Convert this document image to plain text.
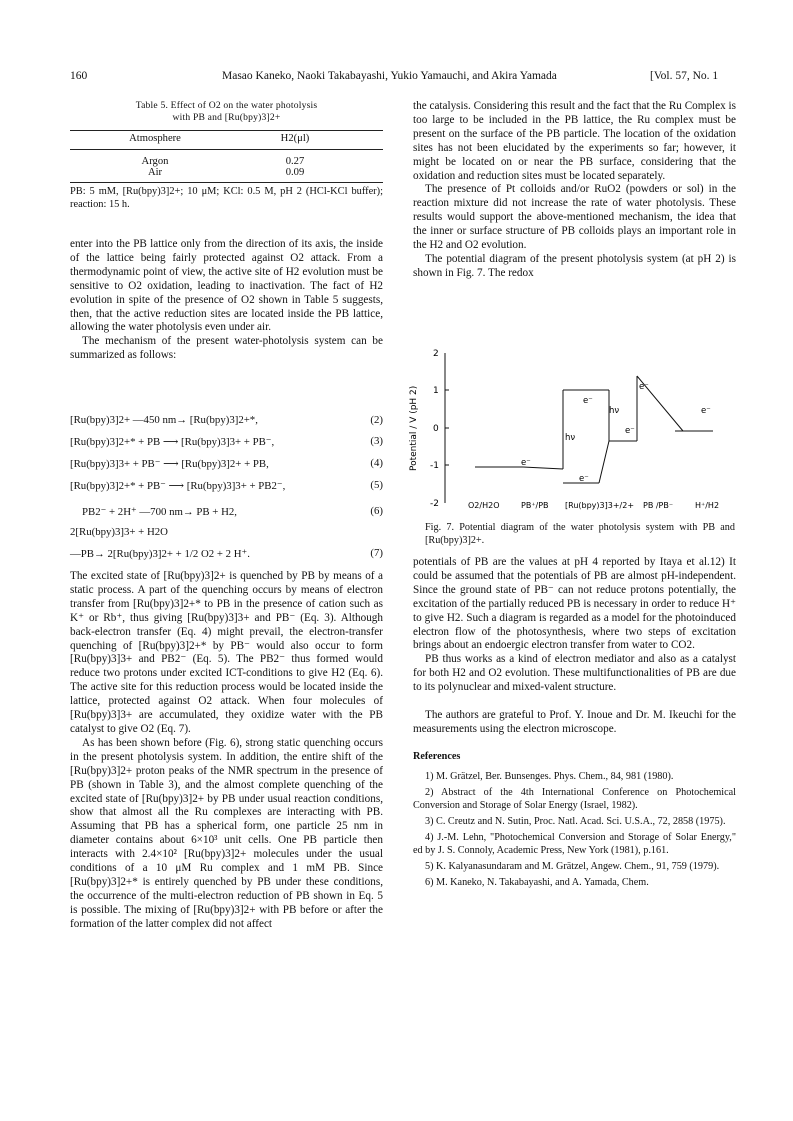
160	Masao Kaneko, Naoki Takabayashi, Yukio Yamauchi, and Akira Yamada	[Vol. 57, No. 1
Table 5. Effect of O2 on the water photolysis
with PB and [Ru(bpy)3]2+
Atmosphere	H2(μl)
Argon	0.27
Air	0.09

PB: 5 mM, [Ru(bpy)3]2+; 10 μM; KCl: 0.5 M, pH 2 (HCl-KCl buffer); reaction: 15 h.

enter into the PB lattice only from the direction of its axis, the inside of the lattice being fairly protected against O2 attack. From a thermodynamic point of view, the active site of H2 evolution must be sensitive to O2 oxidation, leading to inactivation. The fact of H2 evolution in spite of the presence of O2 shown in Table 5 suggests, then, that the active reduction sites are located inside the PB lattice, allowing the water photolysis even under air.

The mechanism of the present water-photolysis system can be summarized as follows:

[Ru(bpy)3]2+ —450 nm→ [Ru(bpy)3]2+*,	(2)
[Ru(bpy)3]2+* + PB ⟶ [Ru(bpy)3]3+ + PB⁻,	(3)
[Ru(bpy)3]3+ + PB⁻ ⟶ [Ru(bpy)3]2+ + PB,	(4)
[Ru(bpy)3]2+* + PB⁻ ⟶ [Ru(bpy)3]3+ + PB2⁻,	(5)
PB2⁻ + 2H⁺ —700 nm→ PB + H2,	(6)
2[Ru(bpy)3]3+ + H2O
—PB→ 2[Ru(bpy)3]2+ + 1/2 O2 + 2 H⁺.	(7)

The excited state of [Ru(bpy)3]2+ is quenched by PB by means of a static process. A part of the quenching occurs by means of electron transfer from [Ru(bpy)3]2+* to PB in the presence of cation such as K⁺ or Rb⁺, thus giving [Ru(bpy)3]3+ and PB⁻ (Eq. 3). Although back-electron transfer (Eq. 4) might prevail, the electron-transfer quenching of [Ru(bpy)3]2+* by PB⁻ would also occur to form [Ru(bpy)3]3+ and PB2⁻ (Eq. 5). The PB2⁻ thus formed would reduce two protons under excited ICT-conditions to give H2 (Eq. 6). The active site for this reduction process would be located inside the lattice, protected against O2 attack. When four molecules of [Ru(bpy)3]3+ are accumulated, they oxidize water with the PB catalyst to give O2 (Eq. 7).

As has been shown before (Fig. 6), strong static quenching occurs in the present photolysis system. In addition, the entire shift of the [Ru(bpy)3]2+ proton peaks of the NMR spectrum in the presence of PB (shown in Table 3), and the almost complete quenching of the excited state of [Ru(bpy)3]2+ by PB under usual reaction conditions, show that almost all the Ru complexes are interacting with PB. Assuming that PB has a spherical form, one particle 25 nm in diameter contains about 6×10³ unit cells. One PB particle then interacts with 2.4×10² [Ru(bpy)3]2+ molecules under the usual conditions of a 10 μM Ru complex and 1 mM PB. Since [Ru(bpy)3]2+* is entirely quenched by PB under these conditions, the occurrence of the multi-electron reduction of PB shown in Eq. 5 is possible. The mixing of [Ru(bpy)3]2+ with PB before or after the formation of the latter complex did not affect

the catalysis. Considering this result and the fact that the Ru Complex is too large to be included in the PB lattice, the Ru complex must be present on the surface of the PB particle. The location of the oxidation sites has not been elucidated by the experiments so far; however, it might be located on or near the PB surface, considering that the oxidation and reduction sites must be located separately.

The presence of Pt colloids and/or RuO2 (powders or sol) in the reaction mixture did not increase the rate of water photolysis. These results would support the above-mentioned mechanism, the idea that the inner or surface structure of PB colloids plays an important role in the H2 and O2 evolution.

The potential diagram of the present photolysis system (at pH 2) is shown in Fig. 7. The redox

Potential / V (pH 2)
2
1
0
-1
-2
e⁻
e⁻
e⁻
e⁻
e⁻
e⁻
hν
hν
O2/H2O	PB⁺/PB [Ru(bpy)3]3+/2+ PB /PB⁻	H⁺/H2

Fig. 7. Potential diagram of the water photolysis system with PB and [Ru(bpy)3]2+.

potentials of PB are the values at pH 4 reported by Itaya et al.12) It could be assumed that the potentials of PB are almost pH-independent. Since the ground state of PB⁻ can not reduce protons potentially, the excitation of the partially reduced PB is necessary in order to reduce H⁺ to give H2. Such a diagram is regarded as a model for the photoinduced electron flow of the photosynthesis, where two steps of excitation brings about an endoergic electron transfer from water to CO2.

PB thus works as a kind of electron mediator and also as a catalyst for both H2 and O2 evolution. These multifunctionalities of PB are due to its polynuclear and mixed-valent structure.

The authors are grateful to Prof. Y. Inoue and Dr. M. Ikeuchi for the measurements using the electron microscope.

References
1) M. Grätzel, Ber. Bunsenges. Phys. Chem., 84, 981 (1980).
2) Abstract of the 4th International Conference on Photochemical Conversion and Storage of Solar Energy (Israel, 1982).
3) C. Creutz and N. Sutin, Proc. Natl. Acad. Sci. U.S.A., 72, 2858 (1975).
4) J.-M. Lehn, "Photochemical Conversion and Storage of Solar Energy," ed by J. S. Connoly, Academic Press, New York (1981), p.161.
5) K. Kalyanasundaram and M. Grätzel, Angew. Chem., 91, 759 (1979).
6) M. Kaneko, N. Takabayashi, and A. Yamada, Chem.
